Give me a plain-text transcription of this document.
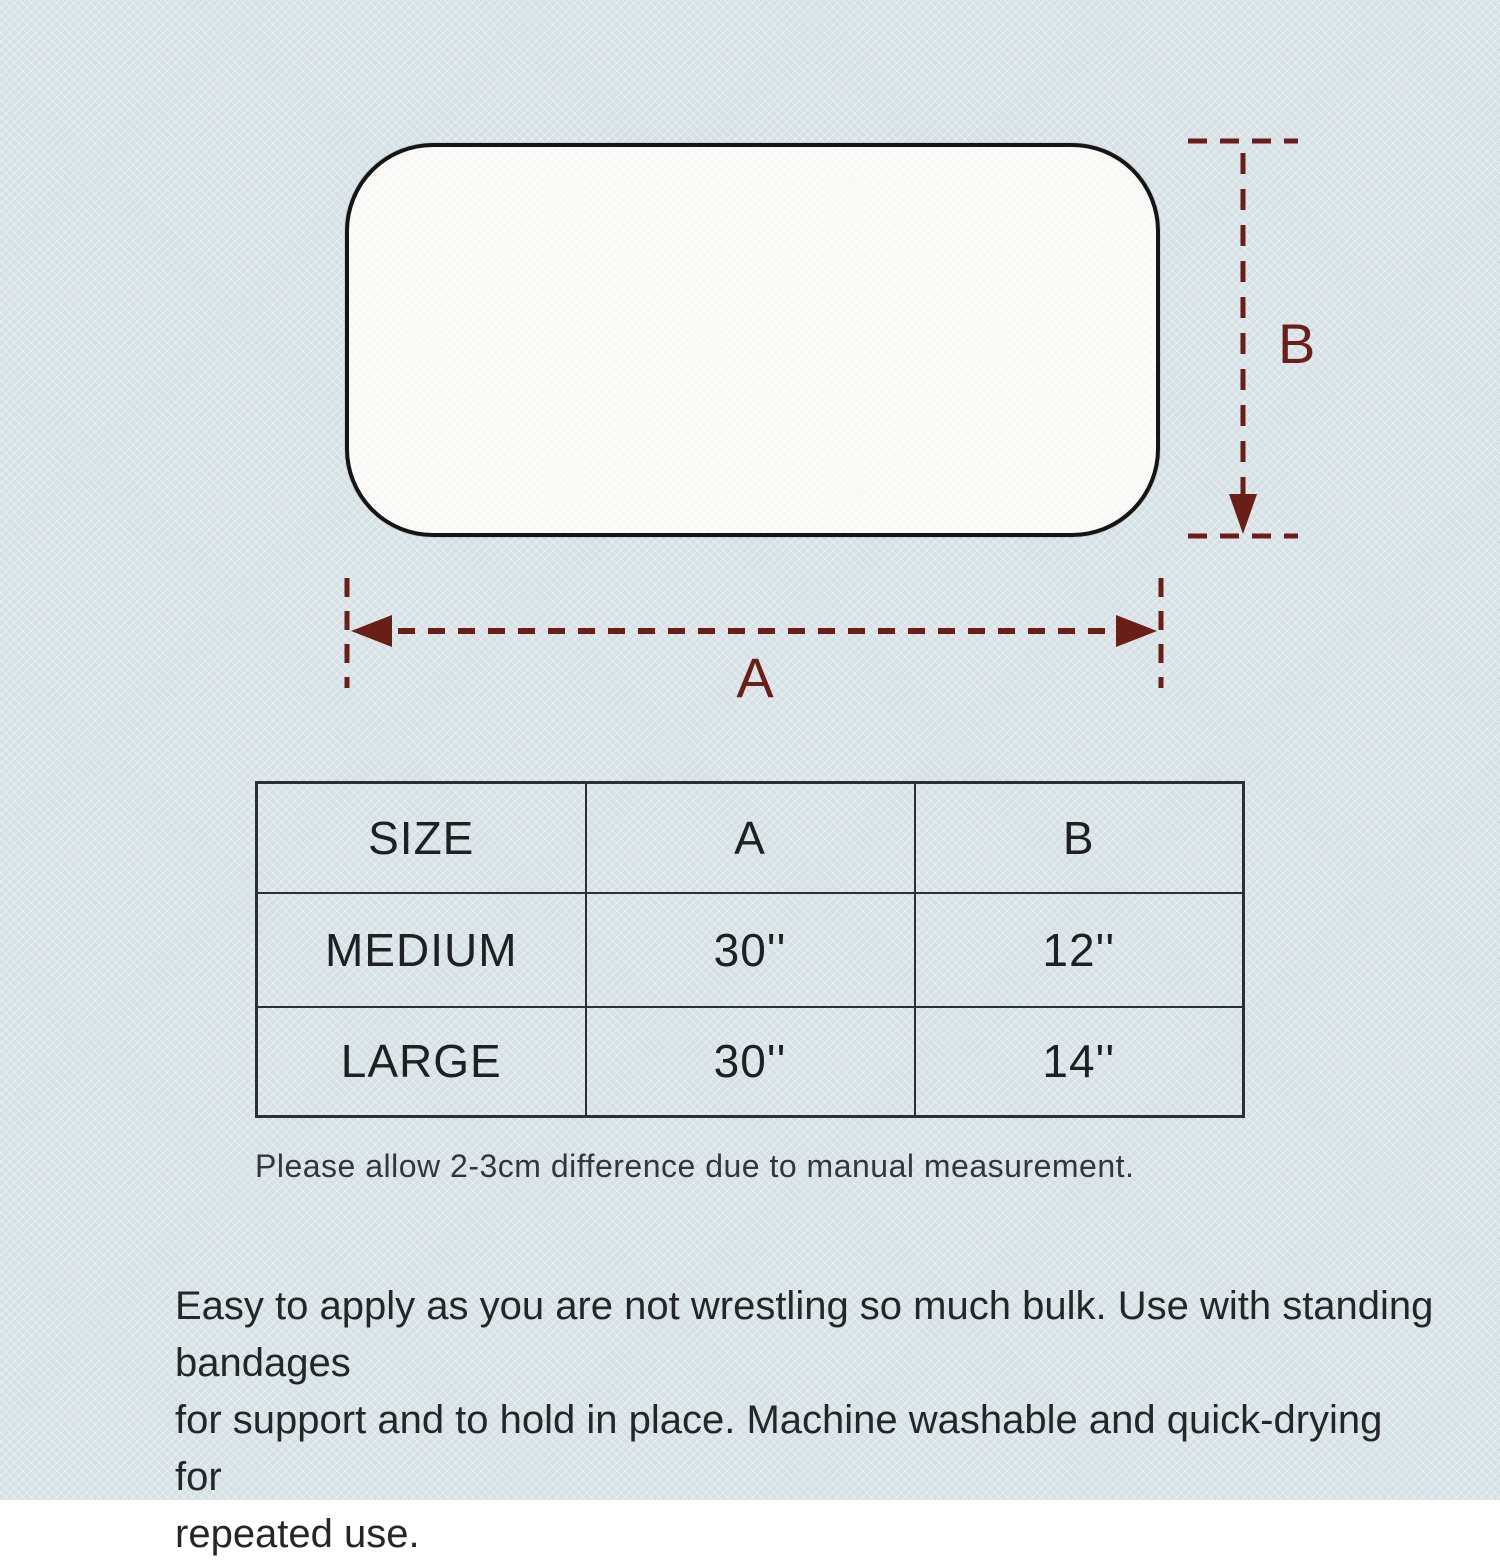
A
B
SIZE	A	B
MEDIUM	30''	12''
LARGE	30''	14''
Please allow 2-3cm difference due to manual measurement.
Easy to apply as you are not wrestling so much bulk. Use with standing bandages
for support and to hold in place. Machine washable and quick-drying for
repeated use.
